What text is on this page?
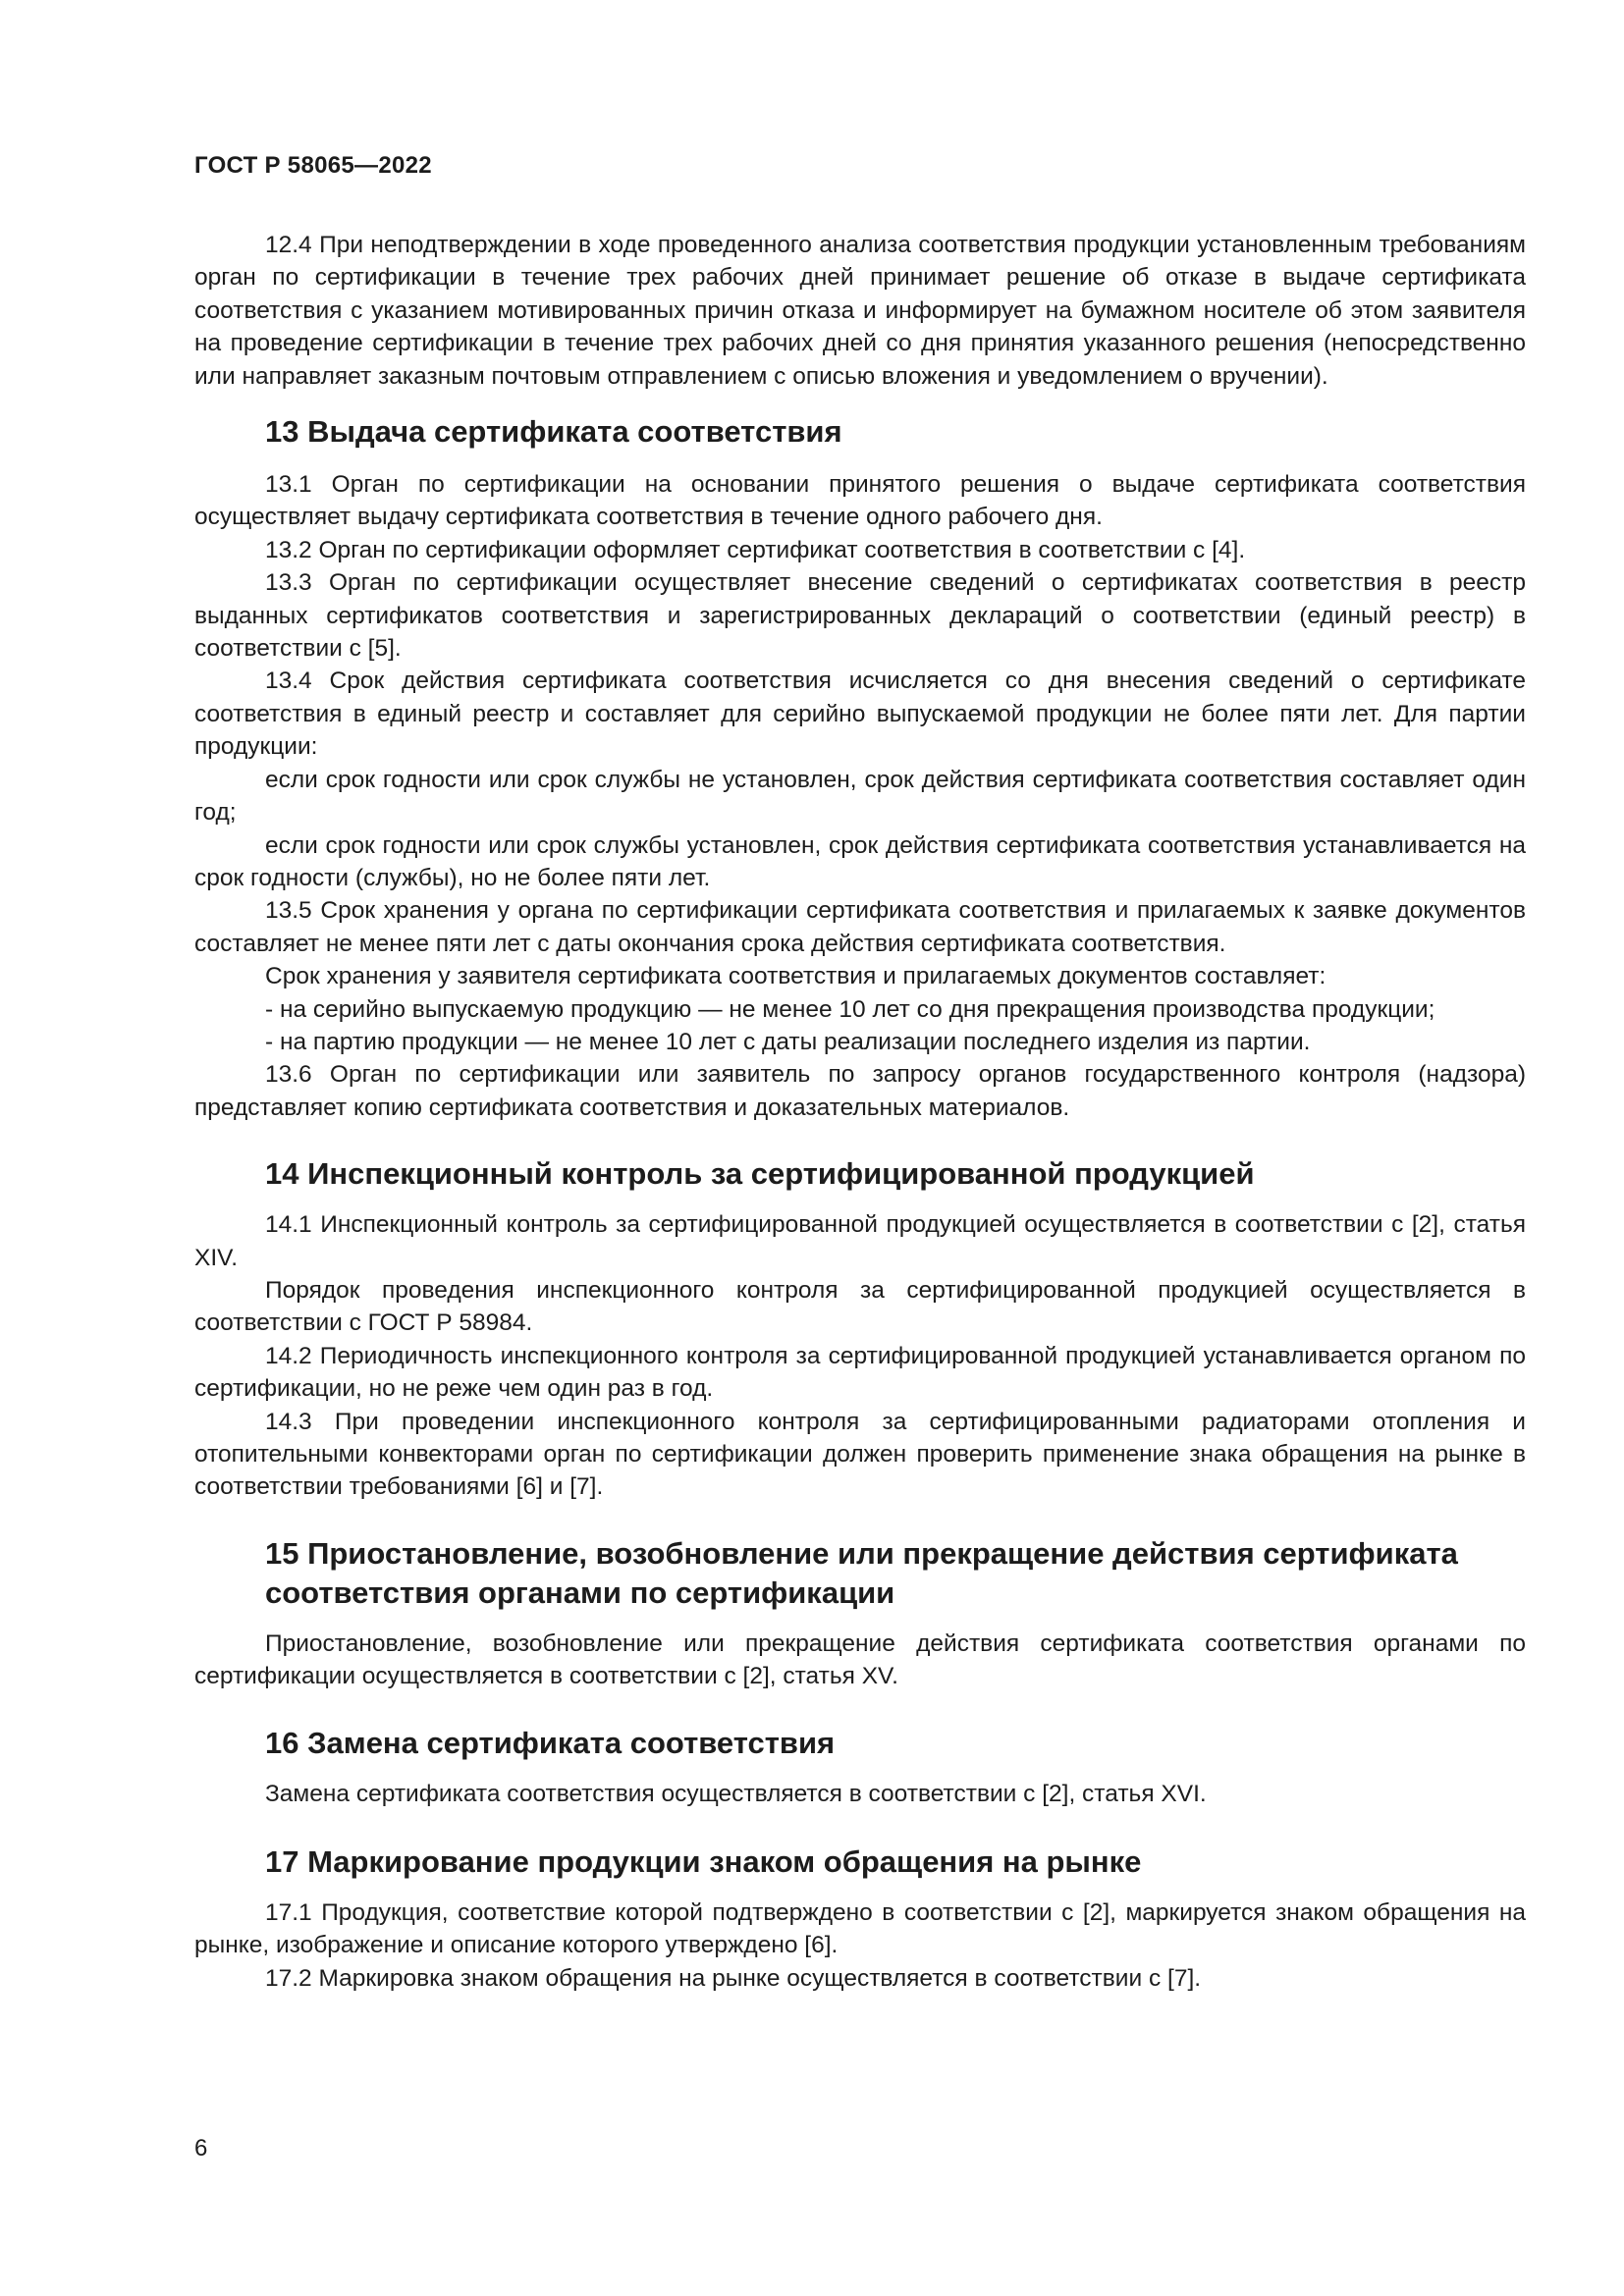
ГОСТ Р 58065—2022

12.4 При неподтверждении в ходе проведенного анализа соответствия продукции установленным требованиям орган по сертификации в течение трех рабочих дней принимает решение об отказе в выдаче сертификата соответствия с указанием мотивированных причин отказа и информирует на бумажном носителе об этом заявителя на проведение сертификации в течение трех рабочих дней со дня принятия указанного решения (непосредственно или направляет заказным почтовым отправлением с описью вложения и уведомлением о вручении).

13 Выдача сертификата соответствия

13.1 Орган по сертификации на основании принятого решения о выдаче сертификата соответствия осуществляет выдачу сертификата соответствия в течение одного рабочего дня.

13.2 Орган по сертификации оформляет сертификат соответствия в соответствии с [4].

13.3 Орган по сертификации осуществляет внесение сведений о сертификатах соответствия в реестр выданных сертификатов соответствия и зарегистрированных деклараций о соответствии (единый реестр) в соответствии с [5].

13.4 Срок действия сертификата соответствия исчисляется со дня внесения сведений о сертификате соответствия в единый реестр и составляет для серийно выпускаемой продукции не более пяти лет. Для партии продукции:

если срок годности или срок службы не установлен, срок действия сертификата соответствия составляет один год;

если срок годности или срок службы установлен, срок действия сертификата соответствия устанавливается на срок годности (службы), но не более пяти лет.

13.5 Срок хранения у органа по сертификации сертификата соответствия и прилагаемых к заявке документов составляет не менее пяти лет с даты окончания срока действия сертификата соответствия.

Срок хранения у заявителя сертификата соответствия и прилагаемых документов составляет:

- на серийно выпускаемую продукцию — не менее 10 лет со дня прекращения производства продукции;

- на партию продукции — не менее 10 лет с даты реализации последнего изделия из партии.

13.6 Орган по сертификации или заявитель по запросу органов государственного контроля (надзора) представляет копию сертификата соответствия и доказательных материалов.

14 Инспекционный контроль за сертифицированной продукцией

14.1 Инспекционный контроль за сертифицированной продукцией осуществляется в соответствии с [2], статья XIV.

Порядок проведения инспекционного контроля за сертифицированной продукцией осуществляется в соответствии с ГОСТ Р 58984.

14.2 Периодичность инспекционного контроля за сертифицированной продукцией устанавливается органом по сертификации, но не реже чем один раз в год.

14.3 При проведении инспекционного контроля за сертифицированными радиаторами отопления и отопительными конвекторами орган по сертификации должен проверить применение знака обращения на рынке в соответствии требованиями [6] и [7].

15 Приостановление, возобновление или прекращение действия сертификата соответствия органами по сертификации

Приостановление, возобновление или прекращение действия сертификата соответствия органами по сертификации осуществляется в соответствии с [2], статья XV.

16 Замена сертификата соответствия

Замена сертификата соответствия осуществляется в соответствии с [2], статья XVI.

17 Маркирование продукции знаком обращения на рынке

17.1 Продукция, соответствие которой подтверждено в соответствии с [2], маркируется знаком обращения на рынке, изображение и описание которого утверждено [6].

17.2 Маркировка знаком обращения на рынке осуществляется в соответствии с [7].

6
